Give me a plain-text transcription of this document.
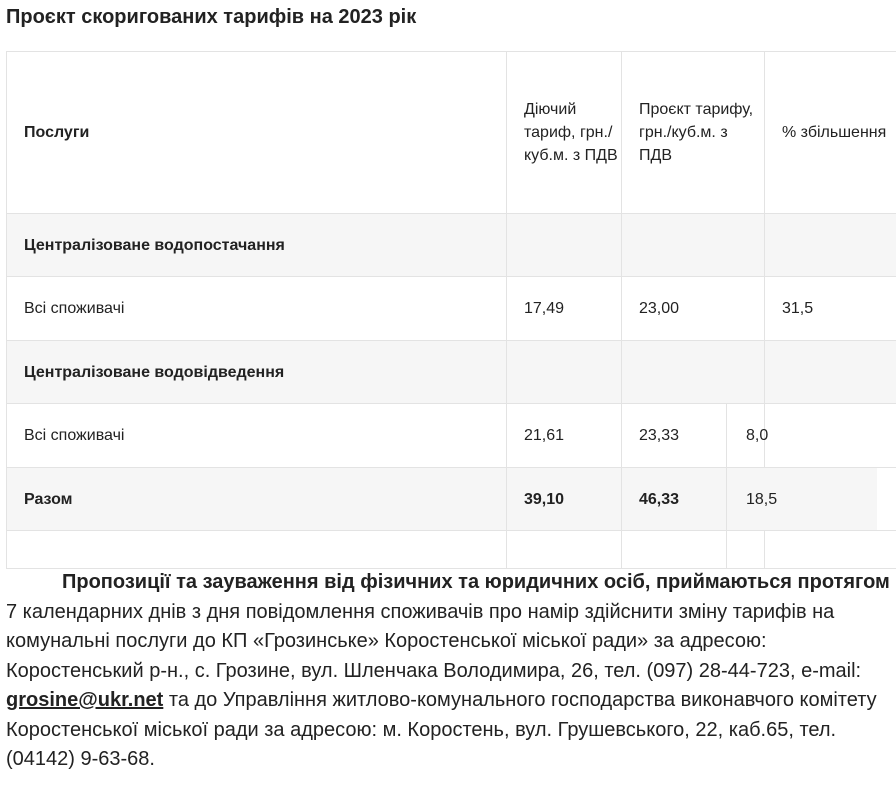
Проєкт скоригованих тарифів на 2023 рік
Послуги	Діючий тариф, грн./ куб.м. з ПДВ	Проєкт тарифу, грн./куб.м. з ПДВ	% збільшення
Централізоване водопостачання			
Всі споживачі	17,49	23,00	31,5
Централізоване водовідведення			
Всі споживачі	21,61	23,33	8,0
Разом	39,10	46,33	18,5

Пропозиції та зауваження від фізичних та юридичних осіб, приймаються протягом 7 календарних днів з дня повідомлення споживачів про намір здійснити зміну тарифів на комунальні послуги до КП «Грозинське» Коростенської міської ради» за адресою: Коростенський р-н., с. Грозине, вул. Шленчака Володимира, 26, тел. (097) 28-44-723, e-mail: grosine@ukr.net та до Управління житлово-комунального господарства виконавчого комітету Коростенської міської ради за адресою: м. Коростень, вул. Грушевського, 22, каб.65, тел. (04142) 9-63-68.
